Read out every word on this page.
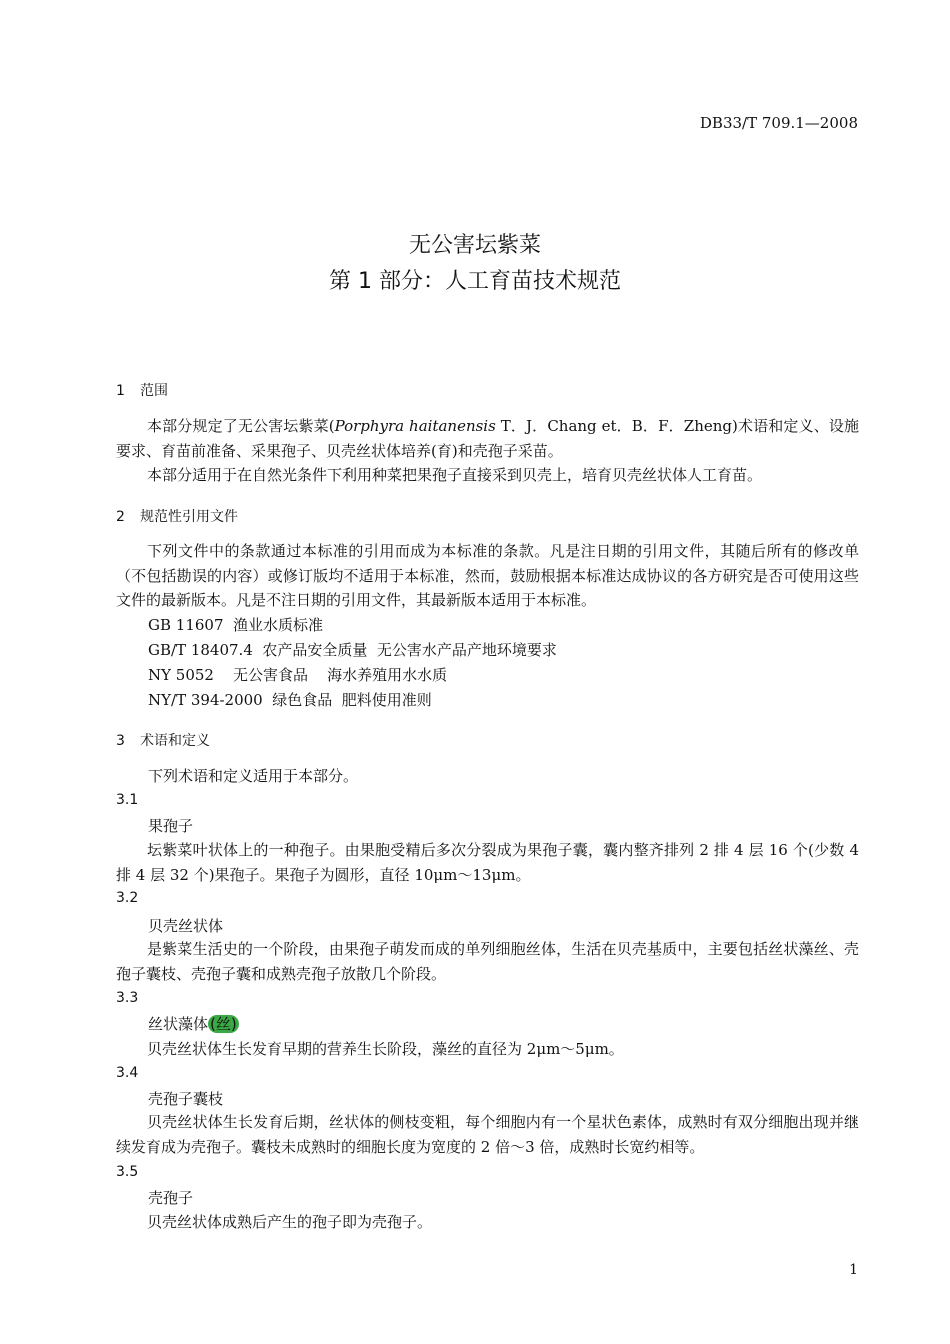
DB33/T 709.1—2008
无公害坛紫菜
第 1 部分：人工育苗技术规范
1 范围
本部分规定了无公害坛紫菜(Porphyra haitanensis T．J．Chang et．B．F．Zheng)术语和定义、设施要求、育苗前准备、采果孢子、贝壳丝状体培养(育)和壳孢子采苗。
本部分适用于在自然光条件下利用种菜把果孢子直接采到贝壳上，培育贝壳丝状体人工育苗。
2 规范性引用文件
下列文件中的条款通过本标准的引用而成为本标准的条款。凡是注日期的引用文件，其随后所有的修改单（不包括勘误的内容）或修订版均不适用于本标准，然而，鼓励根据本标准达成协议的各方研究是否可使用这些文件的最新版本。凡是不注日期的引用文件，其最新版本适用于本标准。
GB 11607  渔业水质标准
GB/T 18407.4  农产品安全质量  无公害水产品产地环境要求
NY 5052    无公害食品    海水养殖用水水质
NY/T 394-2000  绿色食品  肥料使用准则
3 术语和定义
下列术语和定义适用于本部分。
3.1
果孢子
坛紫菜叶状体上的一种孢子。由果胞受精后多次分裂成为果孢子囊，囊内整齐排列 2 排 4 层 16 个(少数 4 排 4 层 32 个)果孢子。果孢子为圆形，直径 10μm～13μm。
3.2
贝壳丝状体
是紫菜生活史的一个阶段，由果孢子萌发而成的单列细胞丝体，生活在贝壳基质中，主要包括丝状藻丝、壳孢子囊枝、壳孢子囊和成熟壳孢子放散几个阶段。
3.3
丝状藻体 (丝)
贝壳丝状体生长发育早期的营养生长阶段，藻丝的直径为 2μm～5μm。
3.4
壳孢子囊枝
贝壳丝状体生长发育后期，丝状体的侧枝变粗，每个细胞内有一个星状色素体，成熟时有双分细胞出现并继续发育成为壳孢子。囊枝未成熟时的细胞长度为宽度的 2 倍～3 倍，成熟时长宽约相等。
3.5
壳孢子
贝壳丝状体成熟后产生的孢子即为壳孢子。
1
